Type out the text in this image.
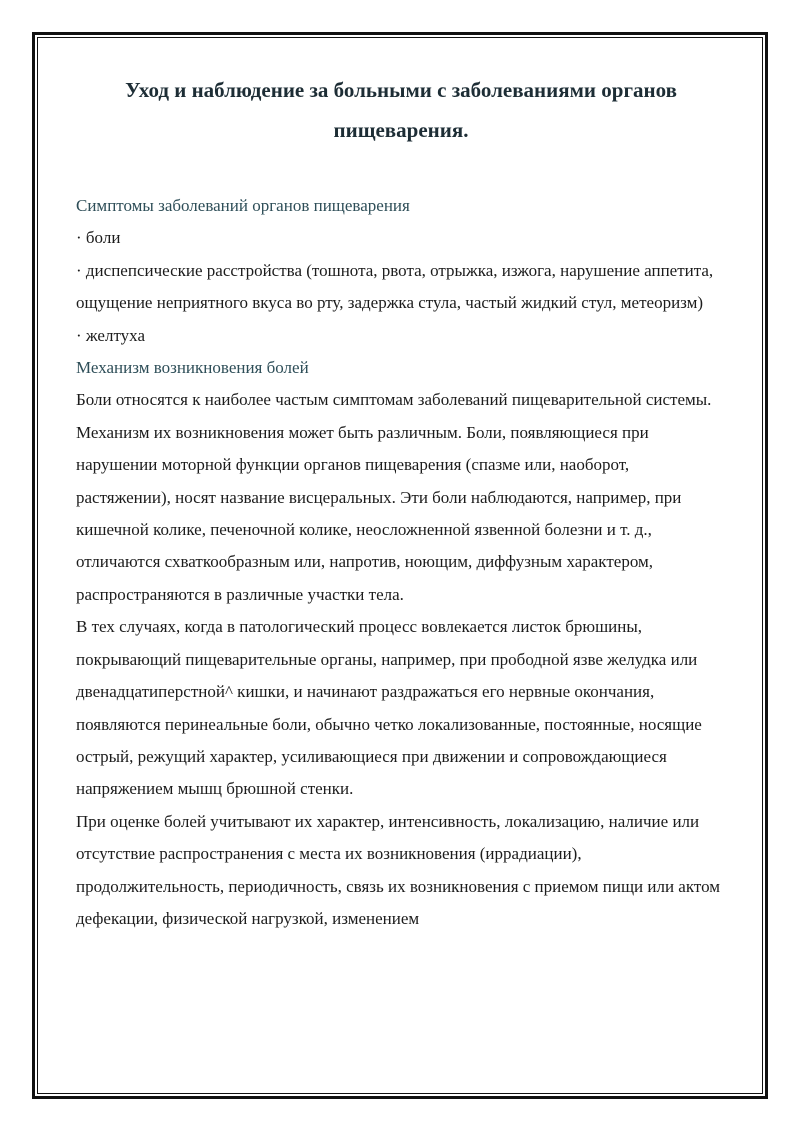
Уход и наблюдение за больными с заболеваниями органов пищеварения.

Симптомы заболеваний органов пищеварения

· боли

· диспепсические расстройства (тошнота, рвота, отрыжка, изжога, нарушение аппетита, ощущение неприятного вкуса во рту, задержка стула, частый жидкий стул, метеоризм)

· желтуха

Механизм возникновения болей

Боли относятся к наиболее частым симптомам заболеваний пищеварительной системы. Механизм их возникновения может быть различным. Боли, появляющиеся при нарушении моторной функции органов пищеварения (спазме или, наоборот, растяжении), носят название висцеральных. Эти боли наблюдаются, например, при кишечной колике, печеночной колике, неосложненной язвенной болезни и т. д., отличаются схваткообразным или, напротив, ноющим, диффузным характером, распространяются в различные участки тела.

В тех случаях, когда в патологический процесс вовлекается листок брюшины, покрывающий пищеварительные органы, например, при прободной язве желудка или двенадцатиперстной^ кишки, и начинают раздражаться его нервные окончания, появляются перинеальные боли, обычно четко локализованные, постоянные, носящие острый, режущий характер, усиливающиеся при движении и сопровождающиеся напряжением мышц брюшной стенки.

При оценке болей учитывают их характер, интенсивность, локализацию, наличие или отсутствие распространения с места их возникновения (иррадиации), продолжительность, периодичность, связь их возникновения с приемом пищи или актом дефекации, физической нагрузкой, изменением
